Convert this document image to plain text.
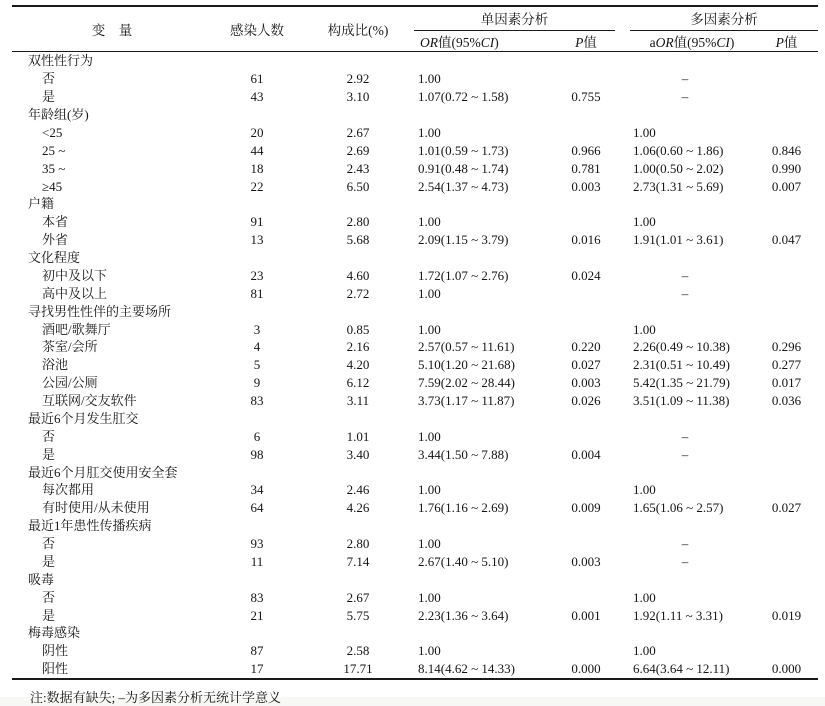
变　量	感染人数	构成比(%)	单因素分析		多因素分析	

			OR值(95%CI)	P值	aOR值(95%CI)	P值
双性性行为						
否	61	2.92	1.00		–	
是	43	3.10	1.07(0.72 ~ 1.58)	0.755	–	
年龄组(岁)						
<25	20	2.67	1.00		1.00	
25 ~	44	2.69	1.01(0.59 ~ 1.73)	0.966	1.06(0.60 ~ 1.86)	0.846
35 ~	18	2.43	0.91(0.48 ~ 1.74)	0.781	1.00(0.50 ~ 2.02)	0.990
≥45	22	6.50	2.54(1.37 ~ 4.73)	0.003	2.73(1.31 ~ 5.69)	0.007
户籍						
本省	91	2.80	1.00		1.00	
外省	13	5.68	2.09(1.15 ~ 3.79)	0.016	1.91(1.01 ~ 3.61)	0.047
文化程度						
初中及以下	23	4.60	1.72(1.07 ~ 2.76)	0.024	–	
高中及以上	81	2.72	1.00		–	
寻找男性性伴的主要场所						
酒吧/歌舞厅	3	0.85	1.00		1.00	
茶室/会所	4	2.16	2.57(0.57 ~ 11.61)	0.220	2.26(0.49 ~ 10.38)	0.296
浴池	5	4.20	5.10(1.20 ~ 21.68)	0.027	2.31(0.51 ~ 10.49)	0.277
公园/公厕	9	6.12	7.59(2.02 ~ 28.44)	0.003	5.42(1.35 ~ 21.79)	0.017
互联网/交友软件	83	3.11	3.73(1.17 ~ 11.87)	0.026	3.51(1.09 ~ 11.38)	0.036
最近6个月发生肛交						
否	6	1.01	1.00		–	
是	98	3.40	3.44(1.50 ~ 7.88)	0.004	–	
最近6个月肛交使用安全套						
每次都用	34	2.46	1.00		1.00	
有时使用/从未使用	64	4.26	1.76(1.16 ~ 2.69)	0.009	1.65(1.06 ~ 2.57)	0.027
最近1年患性传播疾病						
否	93	2.80	1.00		–	
是	11	7.14	2.67(1.40 ~ 5.10)	0.003	–	
吸毒						
否	83	2.67	1.00		1.00	
是	21	5.75	2.23(1.36 ~ 3.64)	0.001	1.92(1.11 ~ 3.31)	0.019
梅毒感染						
阴性	87	2.58	1.00		1.00	
阳性	17	17.71	8.14(4.62 ~ 14.33)	0.000	6.64(3.64 ~ 12.11)	0.000
注:数据有缺失; –为多因素分析无统计学意义
